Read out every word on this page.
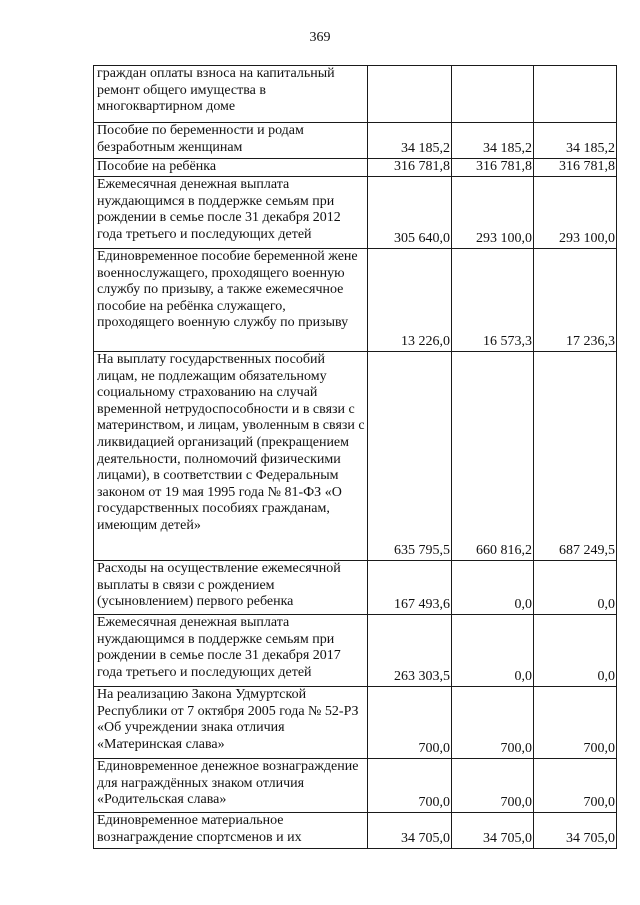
369
граждан оплаты взноса на капитальный ремонт общего имущества в многоквартирном доме			
Пособие по беременности и родам безработным женщинам	34 185,2	34 185,2	34 185,2
Пособие на ребёнка	316 781,8	316 781,8	316 781,8
Ежемесячная денежная выплата нуждающимся в поддержке семьям при рождении в семье после 31 декабря 2012 года третьего и последующих детей	305 640,0	293 100,0	293 100,0
Единовременное пособие беременной жене военнослужащего, проходящего военную службу по призыву, а также ежемесячное пособие на ребёнка служащего, проходящего военную службу по призыву	13 226,0	16 573,3	17 236,3
На выплату государственных пособий лицам, не подлежащим обязательному социальному страхованию на случай временной нетрудоспособности и в связи с материнством, и лицам, уволенным в связи с ликвидацией организаций (прекращением деятельности, полномочий физическими лицами), в соответствии с Федеральным законом от 19 мая 1995 года № 81-ФЗ «О государственных пособиях гражданам, имеющим детей»	635 795,5	660 816,2	687 249,5
Расходы на осуществление ежемесячной выплаты в связи с рождением (усыновлением) первого ребенка	167 493,6	0,0	0,0
Ежемесячная денежная выплата нуждающимся в поддержке семьям при рождении в семье после 31 декабря 2017 года третьего и последующих детей	263 303,5	0,0	0,0
На реализацию Закона Удмуртской Республики от 7 октября 2005 года № 52-РЗ «Об учреждении знака отличия «Материнская слава»	700,0	700,0	700,0
Единовременное денежное вознаграждение для награждённых знаком отличия «Родительская слава»	700,0	700,0	700,0
Единовременное материальное вознаграждение спортсменов и их	34 705,0	34 705,0	34 705,0
